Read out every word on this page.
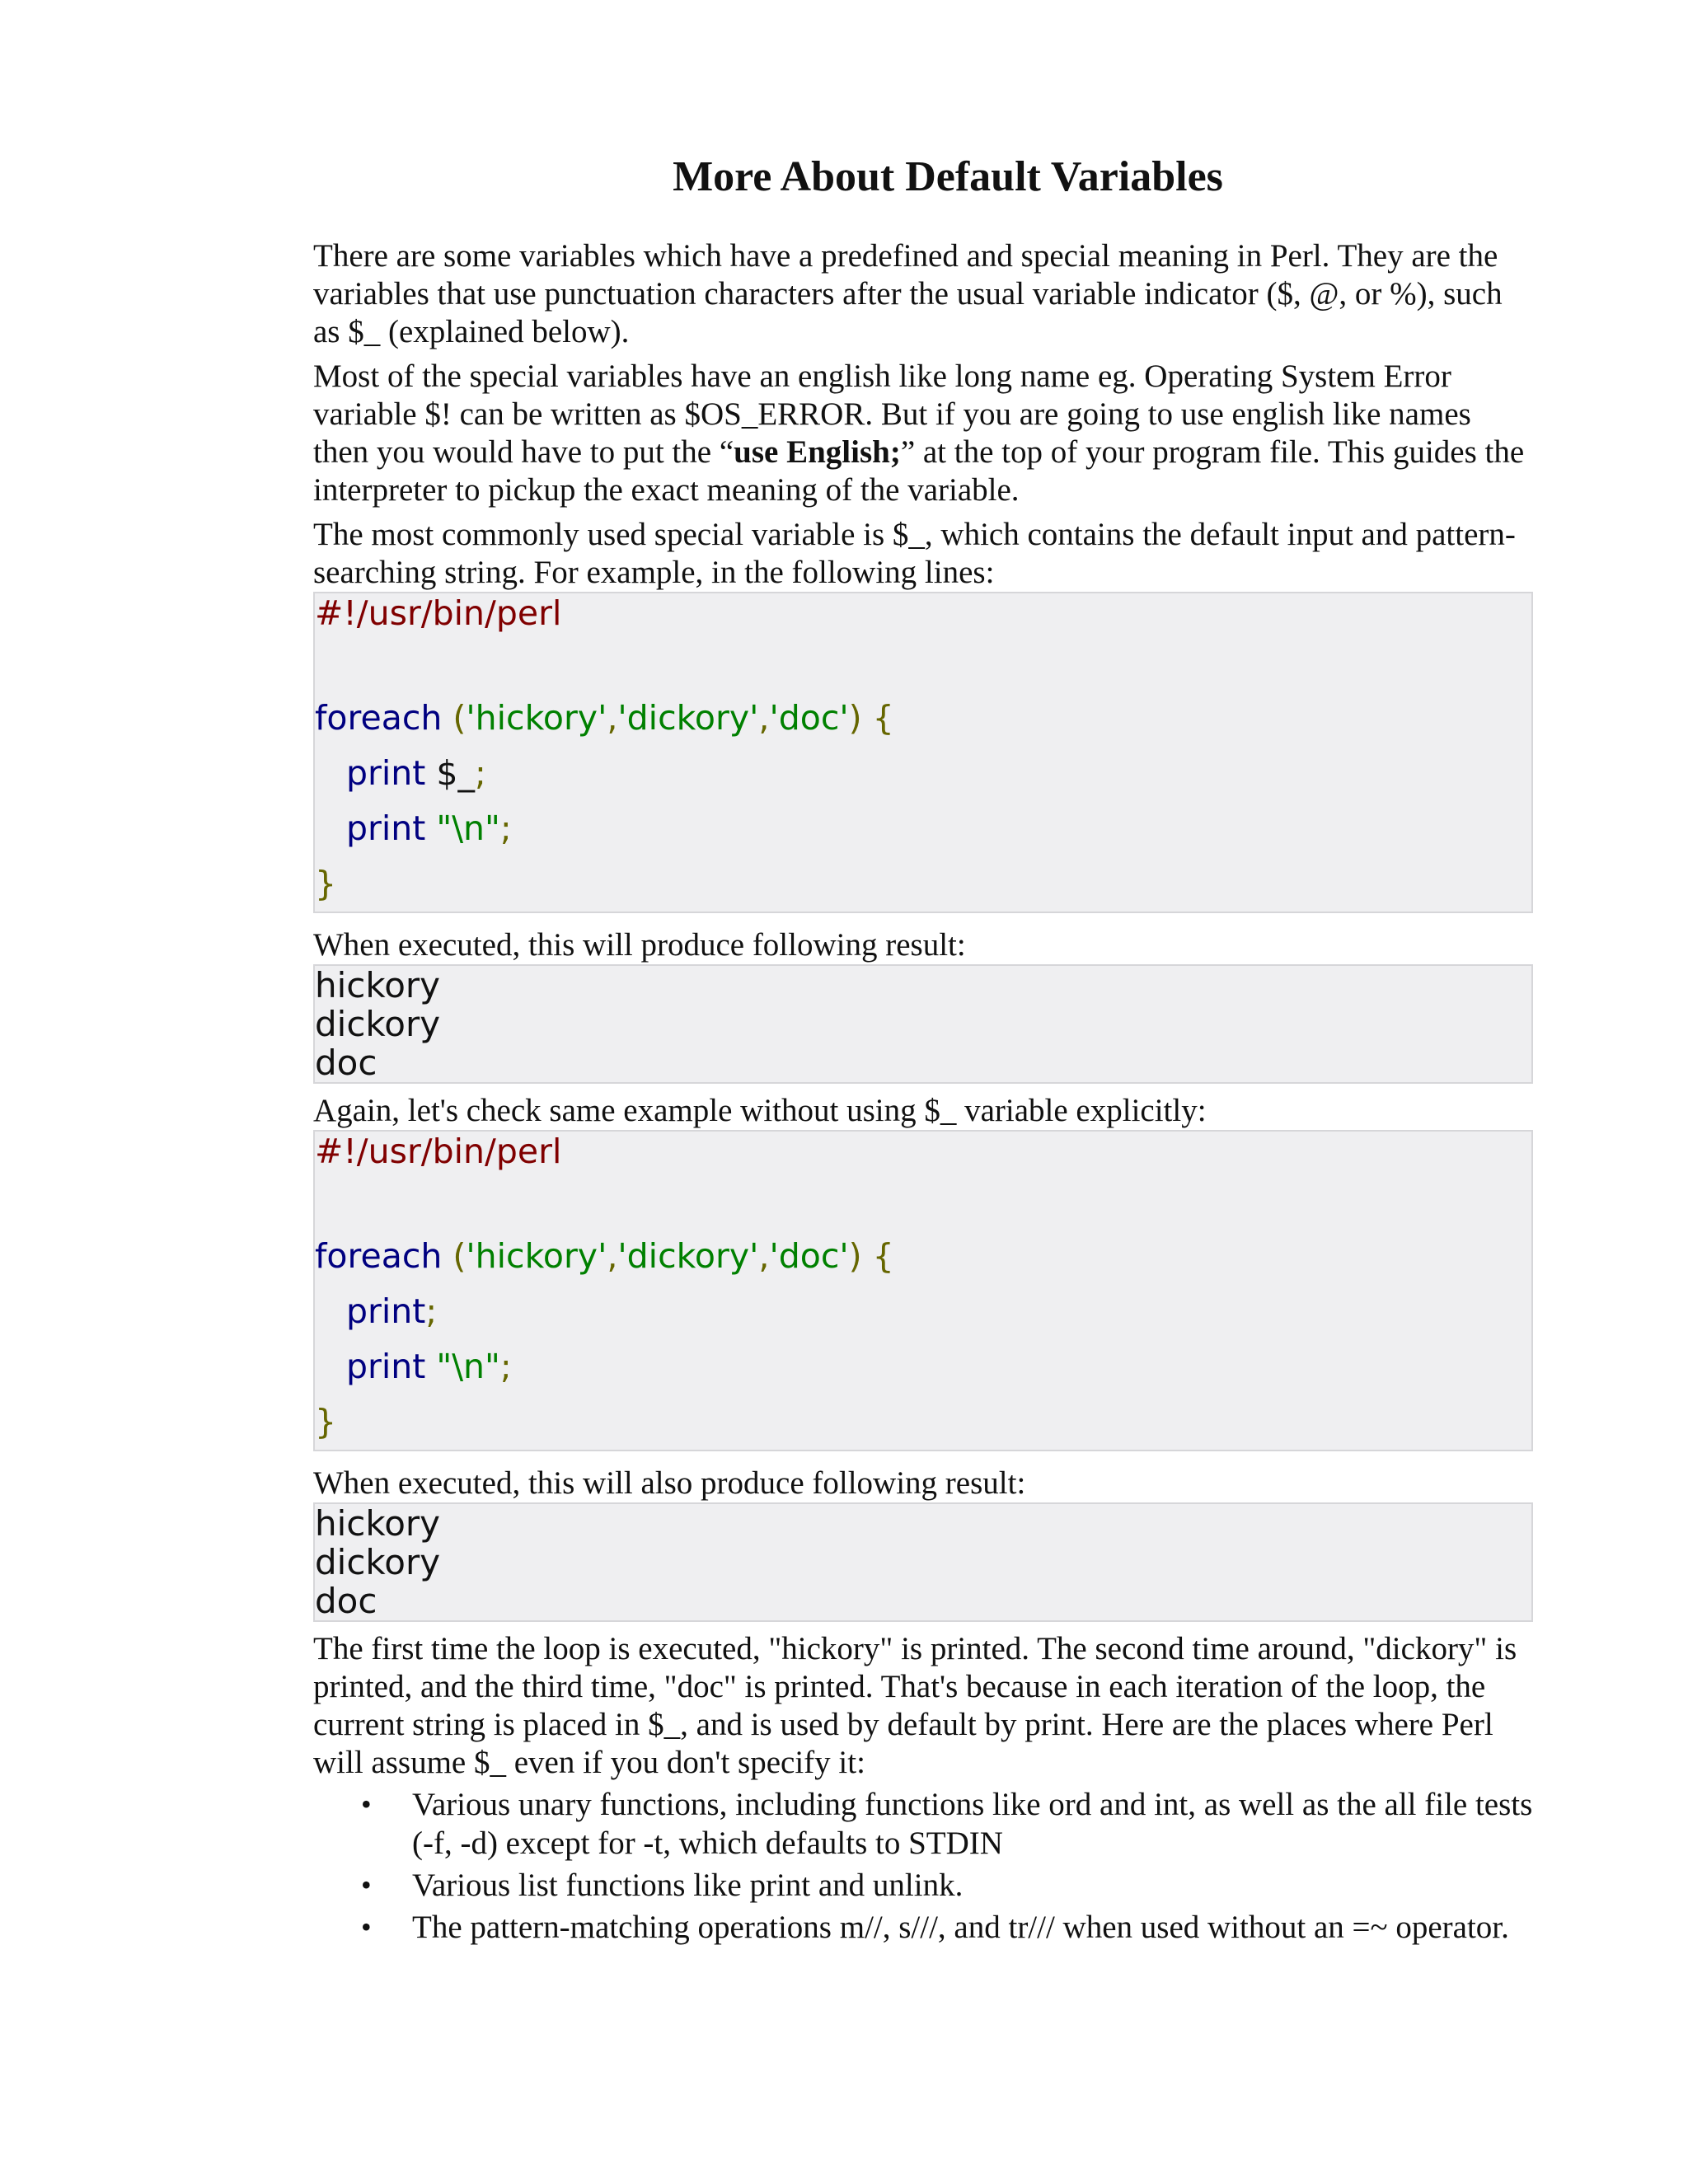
More About Default Variables

There are some variables which have a predefined and special meaning in Perl. They are the variables that use punctuation characters after the usual variable indicator ($, @, or %), such as $_ (explained below).

Most of the special variables have an english like long name eg. Operating System Error variable $! can be written as $OS_ERROR. But if you are going to use english like names then you would have to put the “use English;” at the top of your program file. This guides the interpreter to pickup the exact meaning of the variable.

The most commonly used special variable is $_, which contains the default input and pattern-searching string. For example, in the following lines:

#!/usr/bin/perl
foreach ('hickory','dickory','doc') {
print $_;
print "\n";
}

When executed, this will produce following result:

hickory
dickory
doc

Again, let's check same example without using $_ variable explicitly:

#!/usr/bin/perl
foreach ('hickory','dickory','doc') {
print;
print "\n";
}

When executed, this will also produce following result:

hickory
dickory
doc

The first time the loop is executed, "hickory" is printed. The second time around, "dickory" is printed, and the third time, "doc" is printed. That's because in each iteration of the loop, the current string is placed in $_, and is used by default by print. Here are the places where Perl will assume $_ even if you don't specify it:

• Various unary functions, including functions like ord and int, as well as the all file tests (-f, -d) except for -t, which defaults to STDIN
• Various list functions like print and unlink.
• The pattern-matching operations m//, s///, and tr/// when used without an =~ operator.
